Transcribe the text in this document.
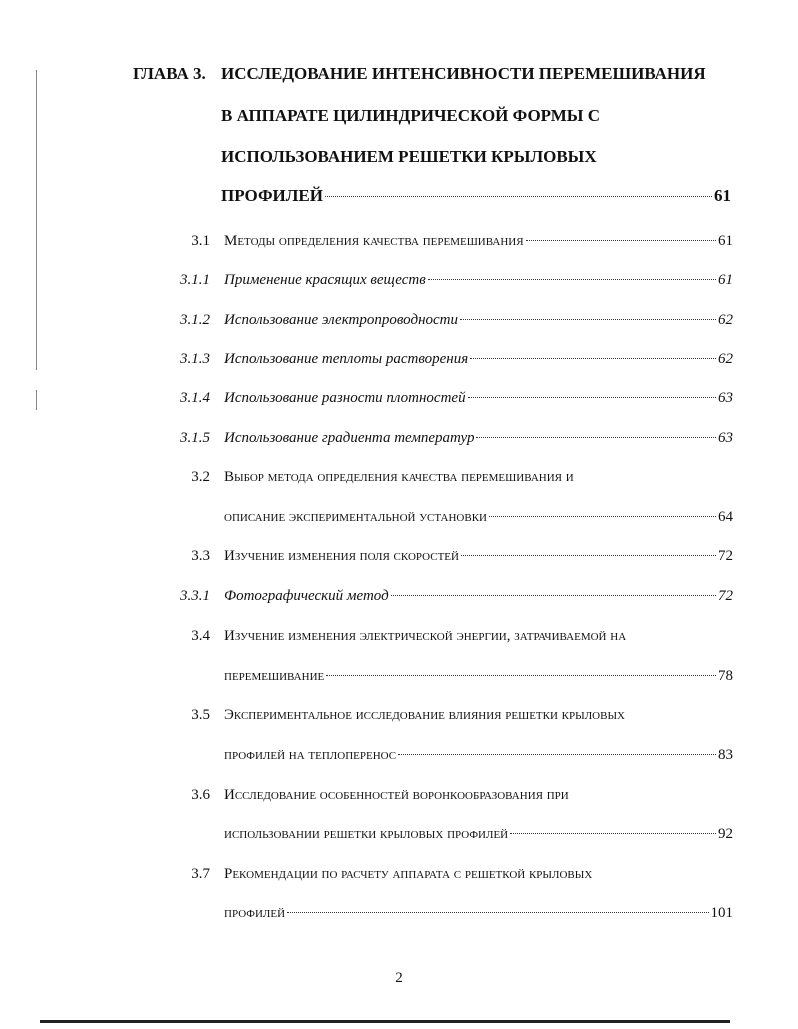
ГЛАВА 3. ИССЛЕДОВАНИЕ ИНТЕНСИВНОСТИ ПЕРЕМЕШИВАНИЯ
В АППАРАТЕ ЦИЛИНДРИЧЕСКОЙ ФОРМЫ С
ИСПОЛЬЗОВАНИЕМ РЕШЕТКИ КРЫЛОВЫХ
ПРОФИЛЕЙ	61
3.1 Методы определения качества перемешивания	61
3.1.1 Применение красящих веществ	61
3.1.2 Использование электропроводности	62
3.1.3 Использование теплоты растворения	62
3.1.4 Использование разности плотностей	63
3.1.5 Использование градиента температур	63
3.2 Выбор метода определения качества перемешивания и
описание экспериментальной установки	64
3.3 Изучение изменения поля скоростей	72
3.3.1 Фотографический метод	72
3.4 Изучение изменения электрической энергии, затрачиваемой на
перемешивание	78
3.5 Экспериментальное исследование влияния решетки крыловых
профилей на теплоперенос	83
3.6 Исследование особенностей воронкообразования при
использовании решетки крыловых профилей	92
3.7 Рекомендации по расчету аппарата с решеткой крыловых
профилей	101
2
